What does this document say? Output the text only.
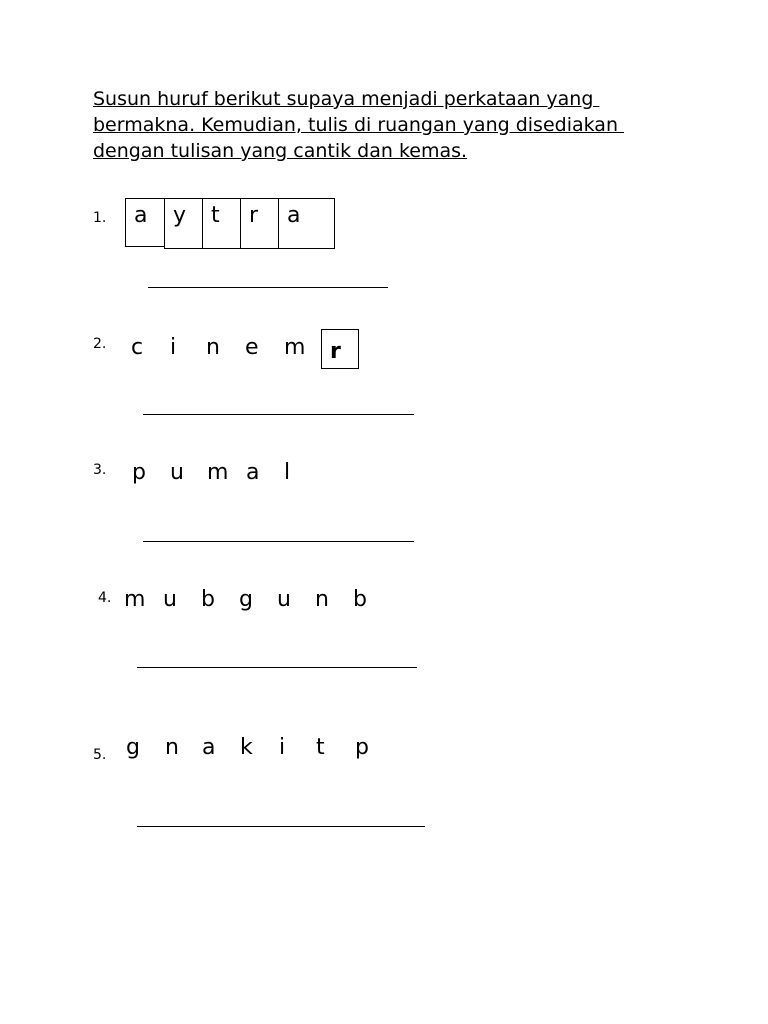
Susun huruf berikut supaya menjadi perkataan yang
bermakna. Kemudian, tulis di ruangan yang disediakan
dengan tulisan yang cantik dan kemas.
1. a y t r a
2. c i n e m r
3. p u m a l
4. m u b g u n b
5. g n a k i t p
